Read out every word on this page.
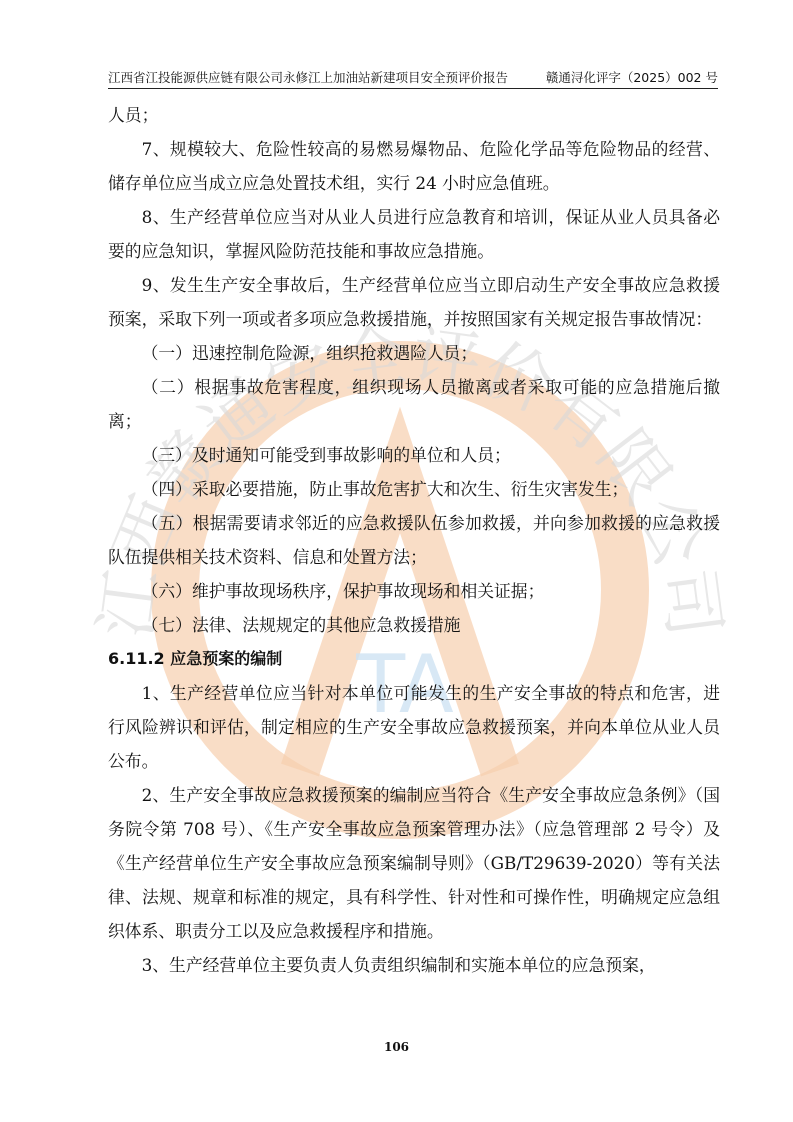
江西省江投能源供应链有限公司永修江上加油站新建项目安全预评价报告	赣通浔化评字（2025）002 号
TA
江西赣通安全评价有限公司

人员；

7、规模较大、危险性较高的易燃易爆物品、危险化学品等危险物品的经营、储存单位应当成立应急处置技术组，实行 24 小时应急值班。

8、生产经营单位应当对从业人员进行应急教育和培训，保证从业人员具备必要的应急知识，掌握风险防范技能和事故应急措施。

9、发生生产安全事故后，生产经营单位应当立即启动生产安全事故应急救援预案，采取下列一项或者多项应急救援措施，并按照国家有关规定报告事故情况：

（一）迅速控制危险源，组织抢救遇险人员；

（二）根据事故危害程度，组织现场人员撤离或者采取可能的应急措施后撤离；

（三）及时通知可能受到事故影响的单位和人员；

（四）采取必要措施，防止事故危害扩大和次生、衍生灾害发生；

（五）根据需要请求邻近的应急救援队伍参加救援，并向参加救援的应急救援队伍提供相关技术资料、信息和处置方法；

（六）维护事故现场秩序，保护事故现场和相关证据；

（七）法律、法规规定的其他应急救援措施

6.11.2 应急预案的编制

1、生产经营单位应当针对本单位可能发生的生产安全事故的特点和危害，进行风险辨识和评估，制定相应的生产安全事故应急救援预案，并向本单位从业人员公布。

2、生产安全事故应急救援预案的编制应当符合《生产安全事故应急条例》（国务院令第 708 号）、《生产安全事故应急预案管理办法》（应急管理部 2 号令）及《生产经营单位生产安全事故应急预案编制导则》（GB/T29639-2020）等有关法律、法规、规章和标准的规定，具有科学性、针对性和可操作性，明确规定应急组织体系、职责分工以及应急救援程序和措施。

3、生产经营单位主要负责人负责组织编制和实施本单位的应急预案，

106
